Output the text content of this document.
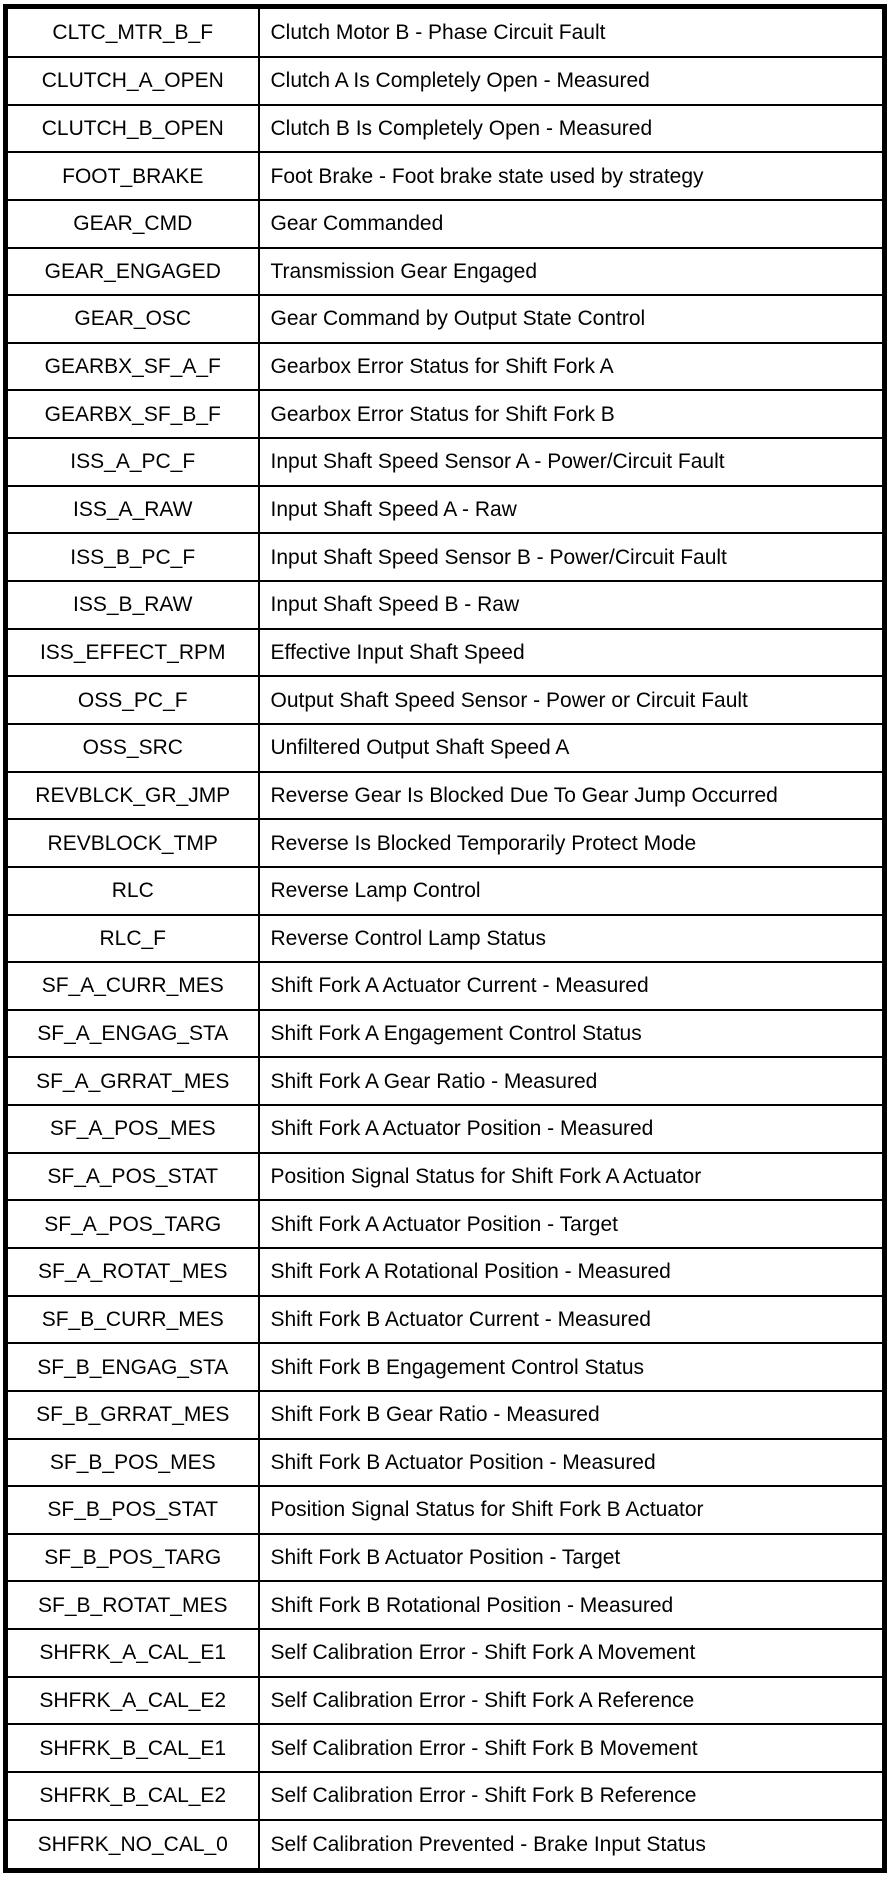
CLTC_MTR_B_F	Clutch Motor B - Phase Circuit Fault
CLUTCH_A_OPEN	Clutch A Is Completely Open - Measured
CLUTCH_B_OPEN	Clutch B Is Completely Open - Measured
FOOT_BRAKE	Foot Brake - Foot brake state used by strategy
GEAR_CMD	Gear Commanded
GEAR_ENGAGED	Transmission Gear Engaged
GEAR_OSC	Gear Command by Output State Control
GEARBX_SF_A_F	Gearbox Error Status for Shift Fork A
GEARBX_SF_B_F	Gearbox Error Status for Shift Fork B
ISS_A_PC_F	Input Shaft Speed Sensor A - Power/Circuit Fault
ISS_A_RAW	Input Shaft Speed A - Raw
ISS_B_PC_F	Input Shaft Speed Sensor B - Power/Circuit Fault
ISS_B_RAW	Input Shaft Speed B - Raw
ISS_EFFECT_RPM	Effective Input Shaft Speed
OSS_PC_F	Output Shaft Speed Sensor - Power or Circuit Fault
OSS_SRC	Unfiltered Output Shaft Speed A
REVBLCK_GR_JMP	Reverse Gear Is Blocked Due To Gear Jump Occurred
REVBLOCK_TMP	Reverse Is Blocked Temporarily Protect Mode
RLC	Reverse Lamp Control
RLC_F	Reverse Control Lamp Status
SF_A_CURR_MES	Shift Fork A Actuator Current - Measured
SF_A_ENGAG_STA	Shift Fork A Engagement Control Status
SF_A_GRRAT_MES	Shift Fork A Gear Ratio - Measured
SF_A_POS_MES	Shift Fork A Actuator Position - Measured
SF_A_POS_STAT	Position Signal Status for Shift Fork A Actuator
SF_A_POS_TARG	Shift Fork A Actuator Position - Target
SF_A_ROTAT_MES	Shift Fork A Rotational Position - Measured
SF_B_CURR_MES	Shift Fork B Actuator Current - Measured
SF_B_ENGAG_STA	Shift Fork B Engagement Control Status
SF_B_GRRAT_MES	Shift Fork B Gear Ratio - Measured
SF_B_POS_MES	Shift Fork B Actuator Position - Measured
SF_B_POS_STAT	Position Signal Status for Shift Fork B Actuator
SF_B_POS_TARG	Shift Fork B Actuator Position - Target
SF_B_ROTAT_MES	Shift Fork B Rotational Position - Measured
SHFRK_A_CAL_E1	Self Calibration Error - Shift Fork A Movement
SHFRK_A_CAL_E2	Self Calibration Error - Shift Fork A Reference
SHFRK_B_CAL_E1	Self Calibration Error - Shift Fork B Movement
SHFRK_B_CAL_E2	Self Calibration Error - Shift Fork B Reference
SHFRK_NO_CAL_0	Self Calibration Prevented - Brake Input Status
